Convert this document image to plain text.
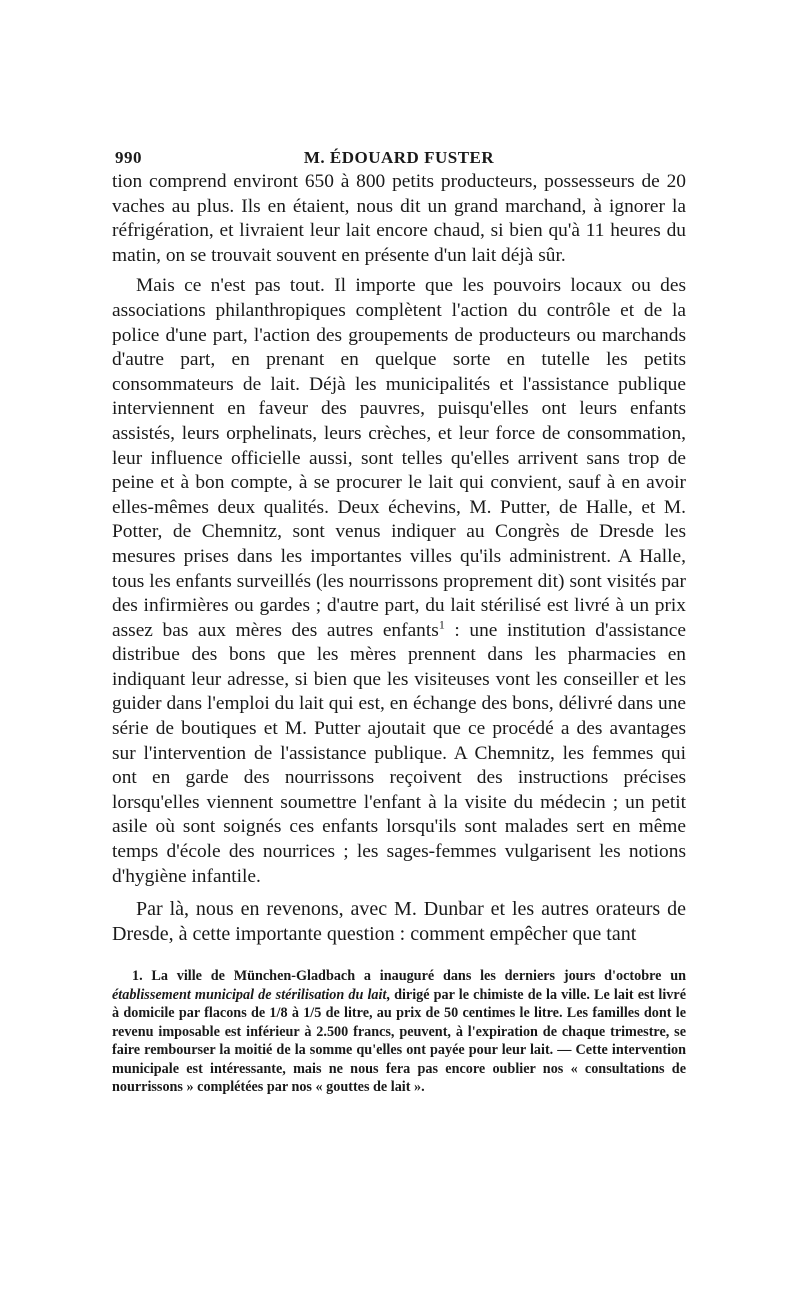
990	M. ÉDOUARD FUSTER

tion comprend environt 650 à 800 petits producteurs, possesseurs de 20 vaches au plus. Ils en étaient, nous dit un grand marchand, à ignorer la réfrigération, et livraient leur lait encore chaud, si bien qu'à 11 heures du matin, on se trouvait souvent en présente d'un lait déjà sûr.

Mais ce n'est pas tout. Il importe que les pouvoirs locaux ou des associations philanthropiques complètent l'action du contrôle et de la police d'une part, l'action des groupements de producteurs ou marchands d'autre part, en prenant en quelque sorte en tutelle les petits consommateurs de lait. Déjà les municipalités et l'assistance publique interviennent en faveur des pauvres, puisqu'elles ont leurs enfants assistés, leurs orphelinats, leurs crèches, et leur force de consommation, leur influence officielle aussi, sont telles qu'elles arrivent sans trop de peine et à bon compte, à se procurer le lait qui convient, sauf à en avoir elles-mêmes deux qualités. Deux échevins, M. Putter, de Halle, et M. Potter, de Chemnitz, sont venus indiquer au Congrès de Dresde les mesures prises dans les importantes villes qu'ils administrent. A Halle, tous les enfants surveillés (les nourrissons proprement dit) sont visités par des infirmières ou gardes ; d'autre part, du lait stérilisé est livré à un prix assez bas aux mères des autres enfants$^1$ : une institution d'assistance distribue des bons que les mères prennent dans les pharmacies en indiquant leur adresse, si bien que les visiteuses vont les conseiller et les guider dans l'emploi du lait qui est, en échange des bons, délivré dans une série de boutiques et M. Putter ajoutait que ce procédé a des avantages sur l'intervention de l'assistance publique. A Chemnitz, les femmes qui ont en garde des nourrissons reçoivent des instructions précises lorsqu'elles viennent soumettre l'enfant à la visite du médecin ; un petit asile où sont soignés ces enfants lorsqu'ils sont malades sert en même temps d'école des nourrices ; les sages-femmes vulgarisent les notions d'hygiène infantile.

Par là, nous en revenons, avec M. Dunbar et les autres orateurs de Dresde, à cette importante question : comment empêcher que tant

1. La ville de München-Gladbach a inauguré dans les derniers jours d'octobre un établissement municipal de stérilisation du lait, dirigé par le chimiste de la ville. Le lait est livré à domicile par flacons de 1/8 à 1/5 de litre, au prix de 50 centimes le litre. Les familles dont le revenu imposable est inférieur à 2.500 francs, peuvent, à l'expiration de chaque trimestre, se faire rembourser la moitié de la somme qu'elles ont payée pour leur lait. — Cette intervention municipale est intéressante, mais ne nous fera pas encore oublier nos « consultations de nourrissons » complétées par nos « gouttes de lait ».
